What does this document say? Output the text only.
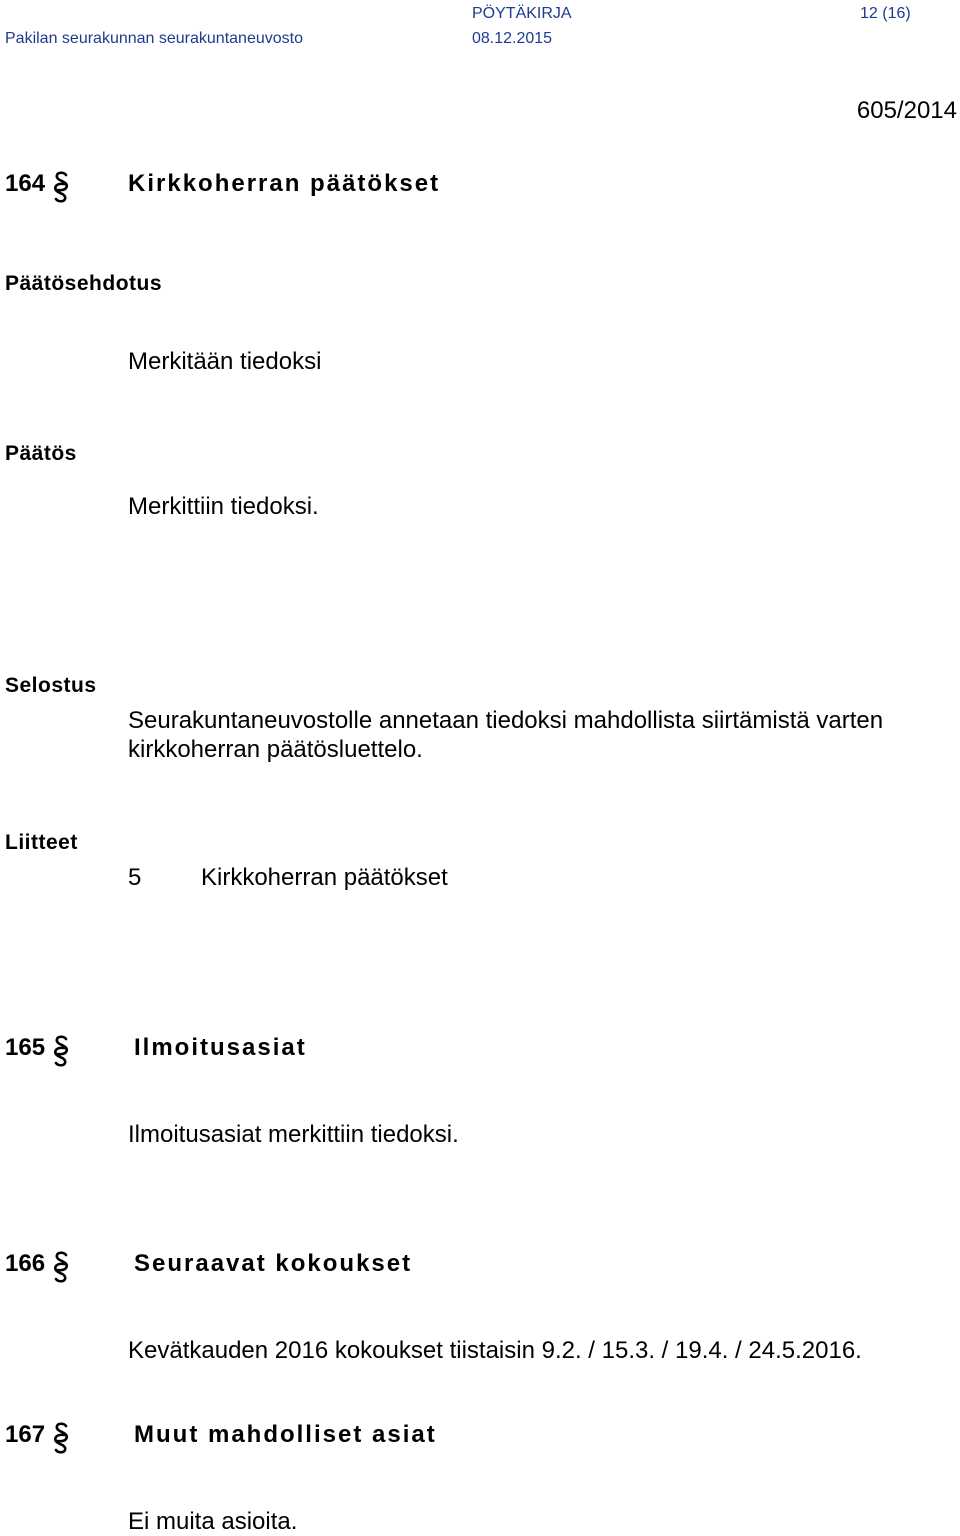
PÖYTÄKIRJA	12 (16)
Pakilan seurakunnan seurakuntaneuvosto	08.12.2015
605/2014
164	Kirkkoherran päätökset
Päätösehdotus
Merkitään tiedoksi
Päätös
Merkittiin tiedoksi.
Selostus
Seurakuntaneuvostolle annetaan tiedoksi mahdollista siirtämistä varten
kirkkoherran päätösluettelo.
Liitteet
5 Kirkkoherran päätökset
165	Ilmoitusasiat
Ilmoitusasiat merkittiin tiedoksi.
166	Seuraavat kokoukset
Kevätkauden 2016 kokoukset tiistaisin 9.2. / 15.3. / 19.4. / 24.5.2016.
167	Muut mahdolliset asiat
Ei muita asioita.
